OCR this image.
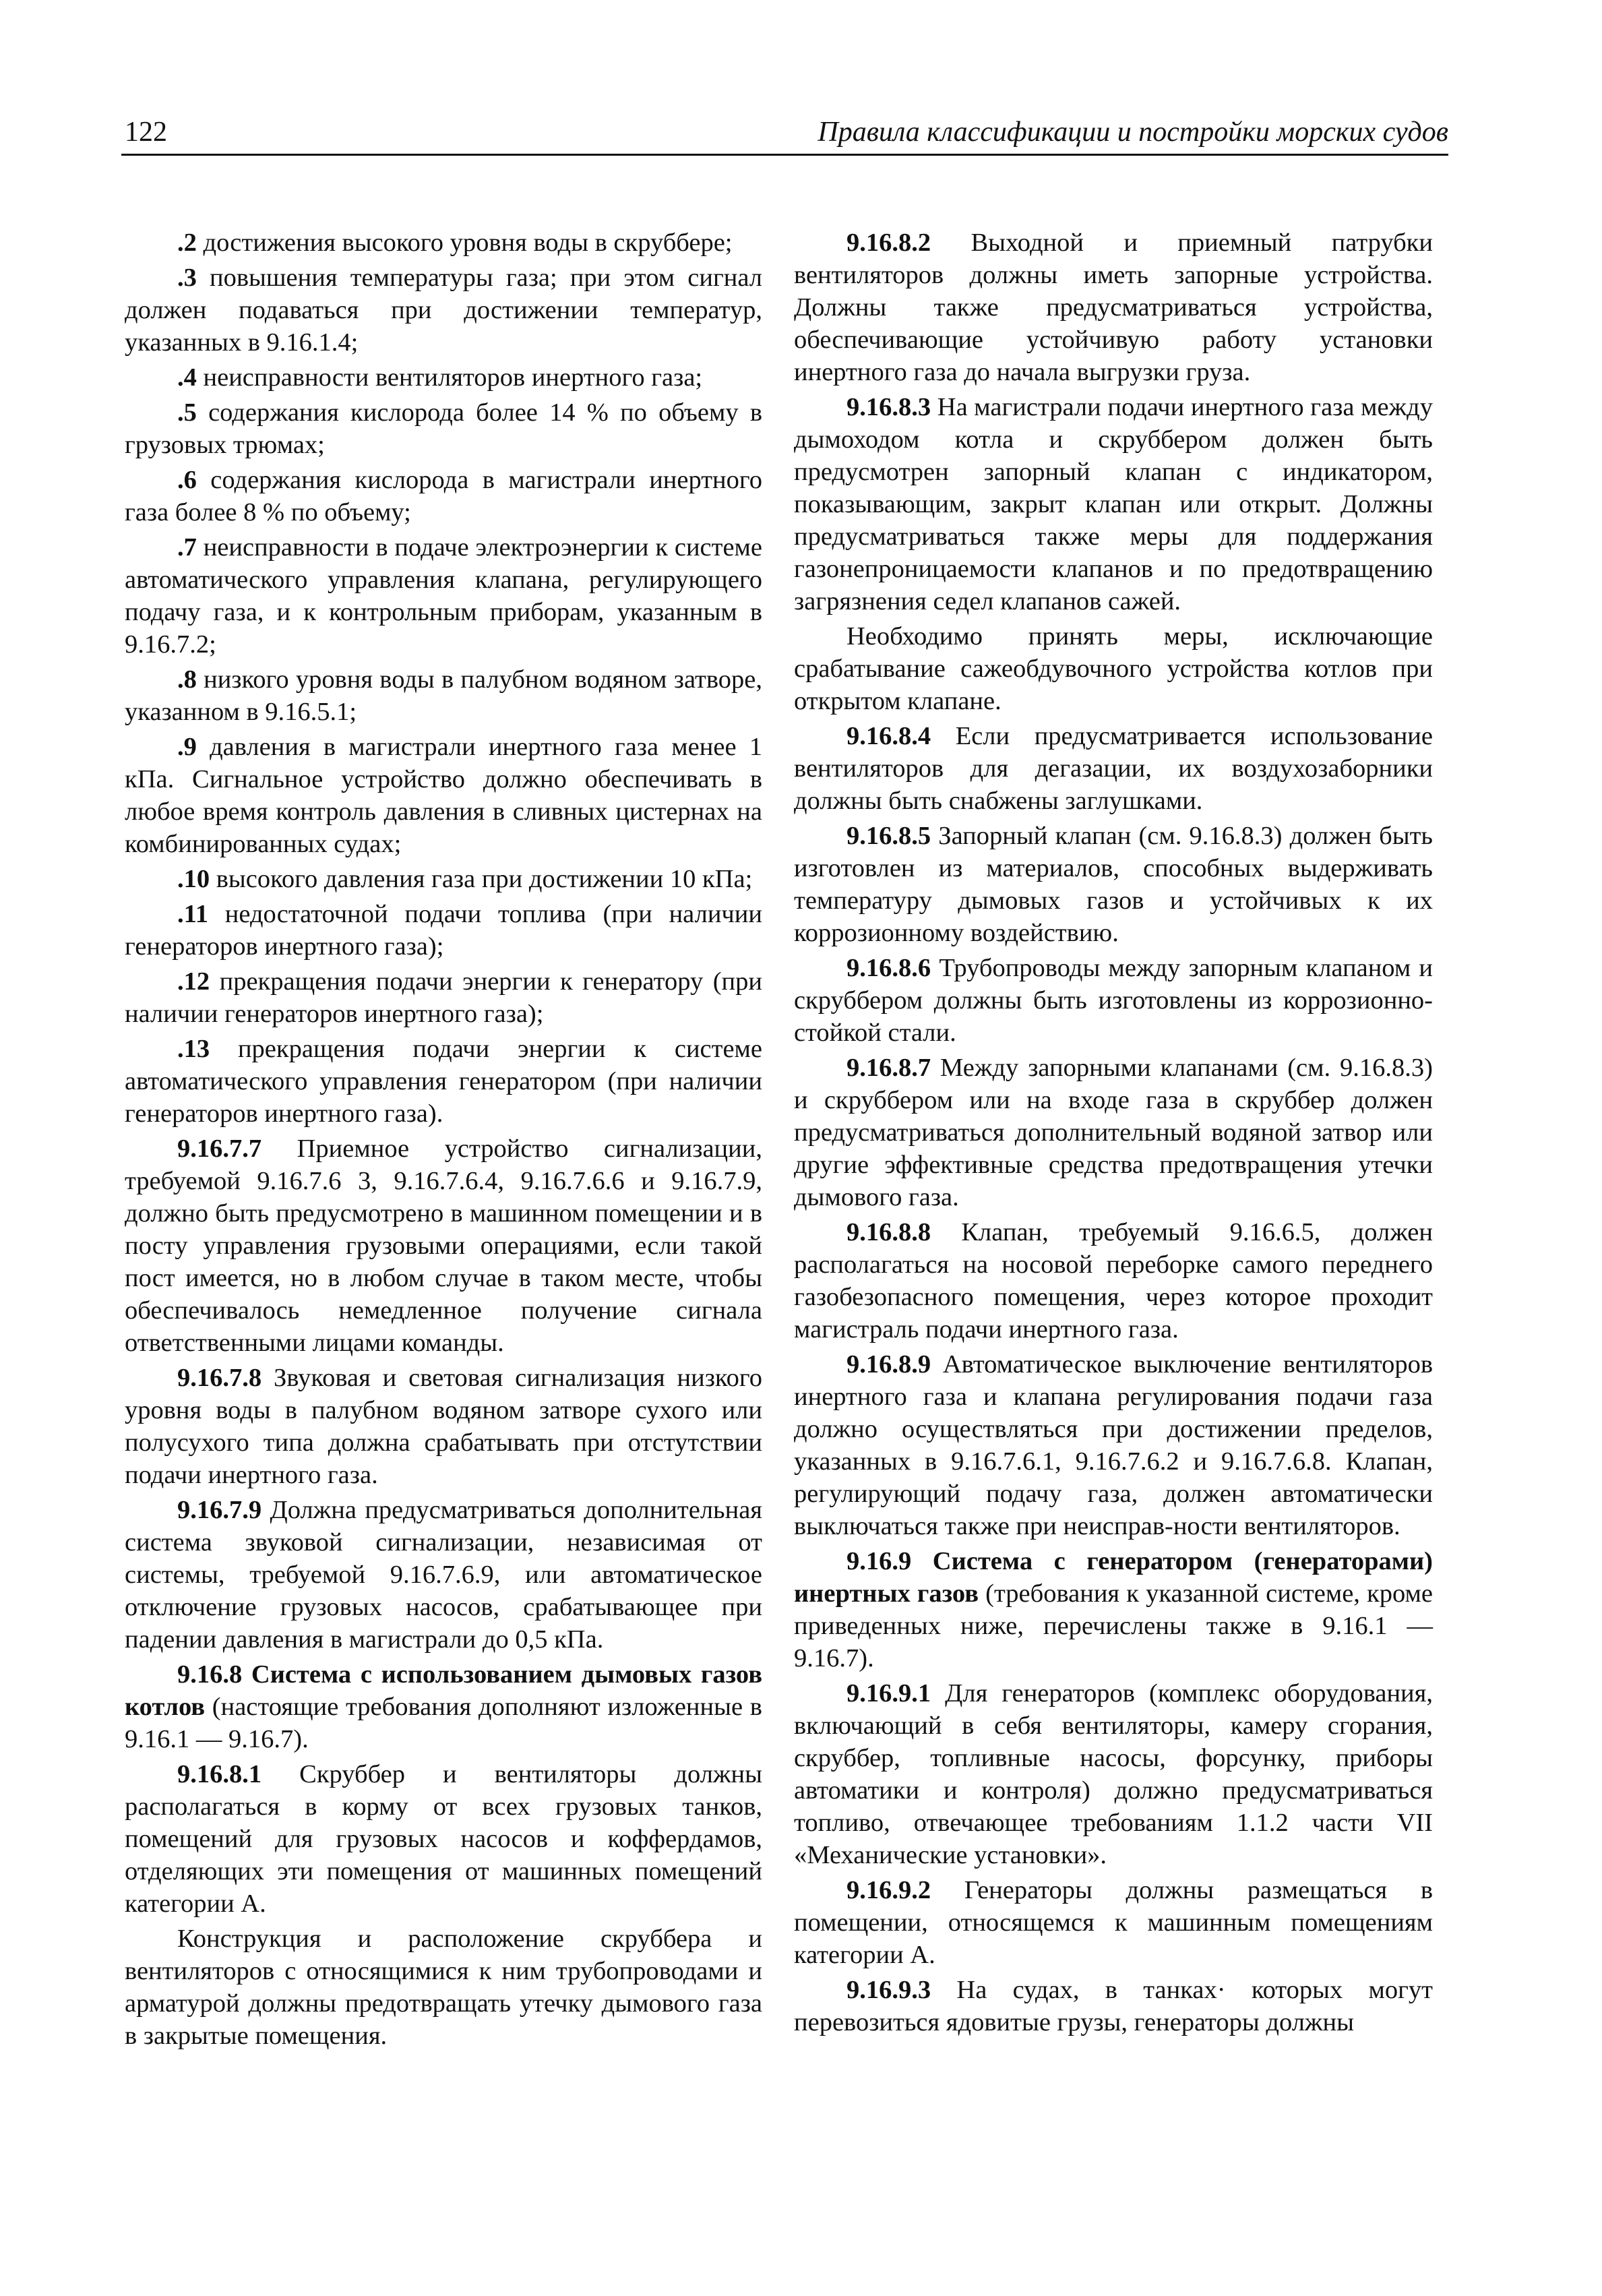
122	Правила классификации и постройки морских судов

.2 достижения высокого уровня воды в скруббере;

.3 повышения температуры газа; при этом сигнал должен подаваться при достижении температур, указанных в 9.16.1.4;

.4 неисправности вентиляторов инертного газа;

.5 содержания кислорода более 14 % по объему в грузовых трюмах;

.6 содержания кислорода в магистрали инертного газа более 8 % по объему;

.7 неисправности в подаче электроэнергии к системе автоматического управления клапана, регулирующего подачу газа, и к контрольным приборам, указанным в 9.16.7.2;

.8 низкого уровня воды в палубном водяном затворе, указанном в 9.16.5.1;

.9 давления в магистрали инертного газа менее 1 кПа. Сигнальное устройство должно обеспечивать в любое время контроль давления в сливных цистернах на комбинированных судах;

.10 высокого давления газа при достижении 10 кПа;

.11 недостаточной подачи топлива (при наличии генераторов инертного газа);

.12 прекращения подачи энергии к генератору (при наличии генераторов инертного газа);

.13 прекращения подачи энергии к системе автоматического управления генератором (при наличии генераторов инертного газа).

9.16.7.7 Приемное устройство сигнализации, требуемой 9.16.7.6 3, 9.16.7.6.4, 9.16.7.6.6 и 9.16.7.9, должно быть предусмотрено в машинном помещении и в посту управления грузовыми операциями, если такой пост имеется, но в любом случае в таком месте, чтобы обеспечивалось немедленное получение сигнала ответственными лицами команды.

9.16.7.8 Звуковая и световая сигнализация низкого уровня воды в палубном водяном затворе сухого или полусухого типа должна срабатывать при отстутствии подачи инертного газа.

9.16.7.9 Должна предусматриваться дополнительная система звуковой сигнализации, независимая от системы, требуемой 9.16.7.6.9, или автоматическое отключение грузовых насосов, срабатывающее при падении давления в магистрали до 0,5 кПа.

9.16.8 Система с использованием дымовых газов котлов (настоящие требования дополняют изложенные в 9.16.1 — 9.16.7).

9.16.8.1 Скруббер и вентиляторы должны располагаться в корму от всех грузовых танков, помещений для грузовых насосов и коффердамов, отделяющих эти помещения от машинных помещений категории А.

Конструкция и расположение скруббера и вентиляторов с относящимися к ним трубопроводами и арматурой должны предотвращать утечку дымового газа в закрытые помещения.

9.16.8.2 Выходной и приемный патрубки вентиляторов должны иметь запорные устройства. Должны также предусматриваться устройства, обеспечивающие устойчивую работу установки инертного газа до начала выгрузки груза.

9.16.8.3 На магистрали подачи инертного газа между дымоходом котла и скруббером должен быть предусмотрен запорный клапан с индикатором, показывающим, закрыт клапан или открыт. Должны предусматриваться также меры для поддержания газонепроницаемости клапанов и по предотвращению загрязнения седел клапанов сажей.

Необходимо принять меры, исключающие срабатывание сажеобдувочного устройства котлов при открытом клапане.

9.16.8.4 Если предусматривается использование вентиляторов для дегазации, их воздухозаборники должны быть снабжены заглушками.

9.16.8.5 Запорный клапан (см. 9.16.8.3) должен быть изготовлен из материалов, способных выдерживать температуру дымовых газов и устойчивых к их коррозионному воздействию.

9.16.8.6 Трубопроводы между запорным клапаном и скруббером должны быть изготовлены из коррозионно-стойкой стали.

9.16.8.7 Между запорными клапанами (см. 9.16.8.3) и скруббером или на входе газа в скруббер должен предусматриваться дополнительный водяной затвор или другие эффективные средства предотвращения утечки дымового газа.

9.16.8.8 Клапан, требуемый 9.16.6.5, должен располагаться на носовой переборке самого переднего газобезопасного помещения, через которое проходит магистраль подачи инертного газа.

9.16.8.9 Автоматическое выключение вентиляторов инертного газа и клапана регулирования подачи газа должно осуществляться при достижении пределов, указанных в 9.16.7.6.1, 9.16.7.6.2 и 9.16.7.6.8. Клапан, регулирующий подачу газа, должен автоматически выключаться также при неисправ-ности вентиляторов.

9.16.9 Система с генератором (генераторами) инертных газов (требования к указанной системе, кроме приведенных ниже, перечислены также в 9.16.1 — 9.16.7).

9.16.9.1 Для генераторов (комплекс оборудования, включающий в себя вентиляторы, камеру сгорания, скруббер, топливные насосы, форсунку, приборы автоматики и контроля) должно предусматриваться топливо, отвечающее требованиям 1.1.2 части VII «Механические установки».

9.16.9.2 Генераторы должны размещаться в помещении, относящемся к машинным помещениям категории А.

9.16.9.3 На судах, в танках· которых могут перевозиться ядовитые грузы, генераторы должны
